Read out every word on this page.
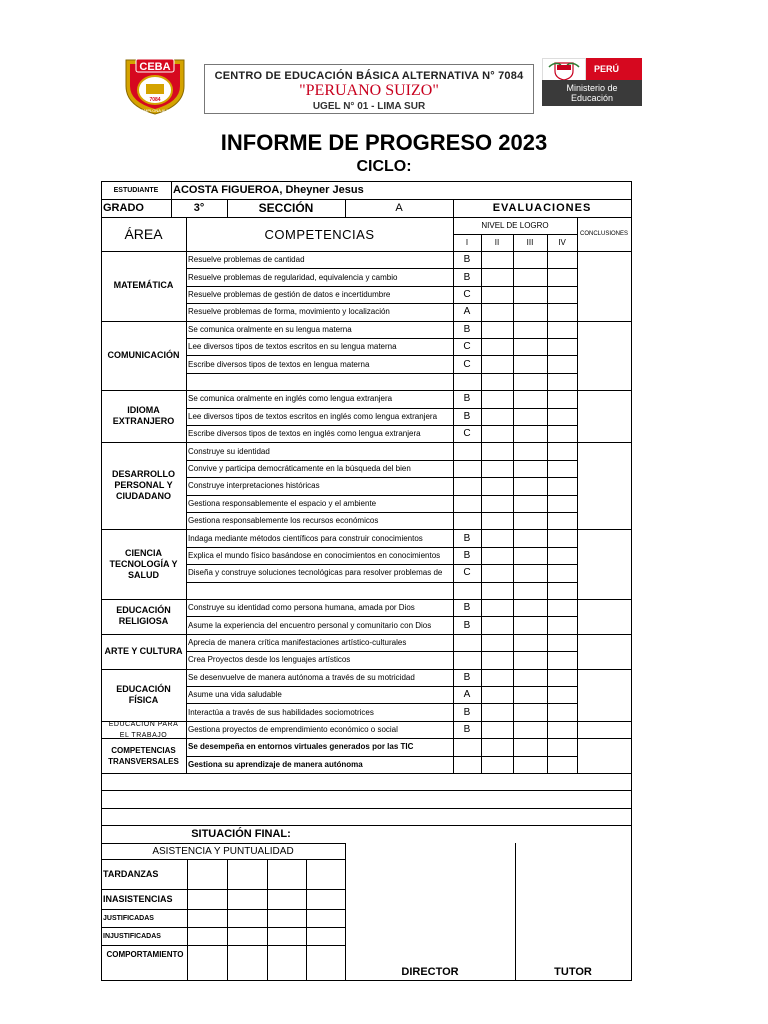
CEBA
7084
PAMPLONA ALTA
CENTRO DE EDUCACIÓN BÁSICA ALTERNATIVA N° 7084
"PERUANO SUIZO"
UGEL N° 01 - LIMA SUR
PERÚ
Ministerio de
Educación
INFORME DE PROGRESO 2023
CICLO:
ESTUDIANTE	ACOSTA FIGUEROA, Dheyner Jesus
GRADO	3°	SECCIÓN	A	EVALUACIONES
ÁREA	COMPETENCIAS
NIVEL DE LOGRO
I	II	III	IV
CONCLUSIONES
MATEMÁTICA
Resuelve problemas de cantidad	B
Resuelve problemas de regularidad, equivalencia y cambio	B
Resuelve problemas de gestión de datos e incertidumbre	C
Resuelve problemas de forma, movimiento y localización	A
COMUNICACIÓN
Se comunica oralmente en su lengua materna	B
Lee diversos tipos de textos escritos en su lengua materna	C
Escribe diversos tipos de textos en lengua materna	C
IDIOMA EXTRANJERO
Se comunica oralmente en inglés como lengua extranjera	B
Lee diversos tipos de textos escritos en inglés como lengua extranjera	B
Escribe diversos tipos de textos en inglés como lengua extranjera	C
DESARROLLO PERSONAL Y CIUDADANO
Construye su identidad
Convive y participa democráticamente en la búsqueda del bien
Construye interpretaciones históricas
Gestiona responsablemente el espacio y el ambiente
Gestiona responsablemente los recursos económicos
CIENCIA TECNOLOGÍA Y SALUD
Indaga mediante métodos científicos para construir conocimientos	B
Explica el mundo físico basándose en conocimientos en conocimientos	B
Diseña y construye soluciones tecnológicas para resolver problemas de	C
EDUCACIÓN RELIGIOSA
Construye su identidad como persona humana, amada por Dios	B
Asume la experiencia del encuentro personal y comunitario con Dios	B
ARTE Y CULTURA
Aprecia de manera crítica manifestaciones artístico-culturales
Crea Proyectos desde los lenguajes artísticos
EDUCACIÓN FÍSICA
Se desenvuelve de manera autónoma a través de su motricidad	B
Asume una vida saludable	A
Interactúa a través de sus habilidades sociomotrices	B
EDUCACIÓN PARA EL TRABAJO
Gestiona proyectos de emprendimiento económico o social	B
COMPETENCIAS TRANSVERSALES
Se desempeña en entornos virtuales generados por las TIC
Gestiona su aprendizaje de manera autónoma
SITUACIÓN FINAL:
ASISTENCIA Y PUNTUALIDAD
TARDANZAS
INASISTENCIAS
JUSTIFICADAS
INJUSTIFICADAS
COMPORTAMIENTO
DIRECTOR	TUTOR
